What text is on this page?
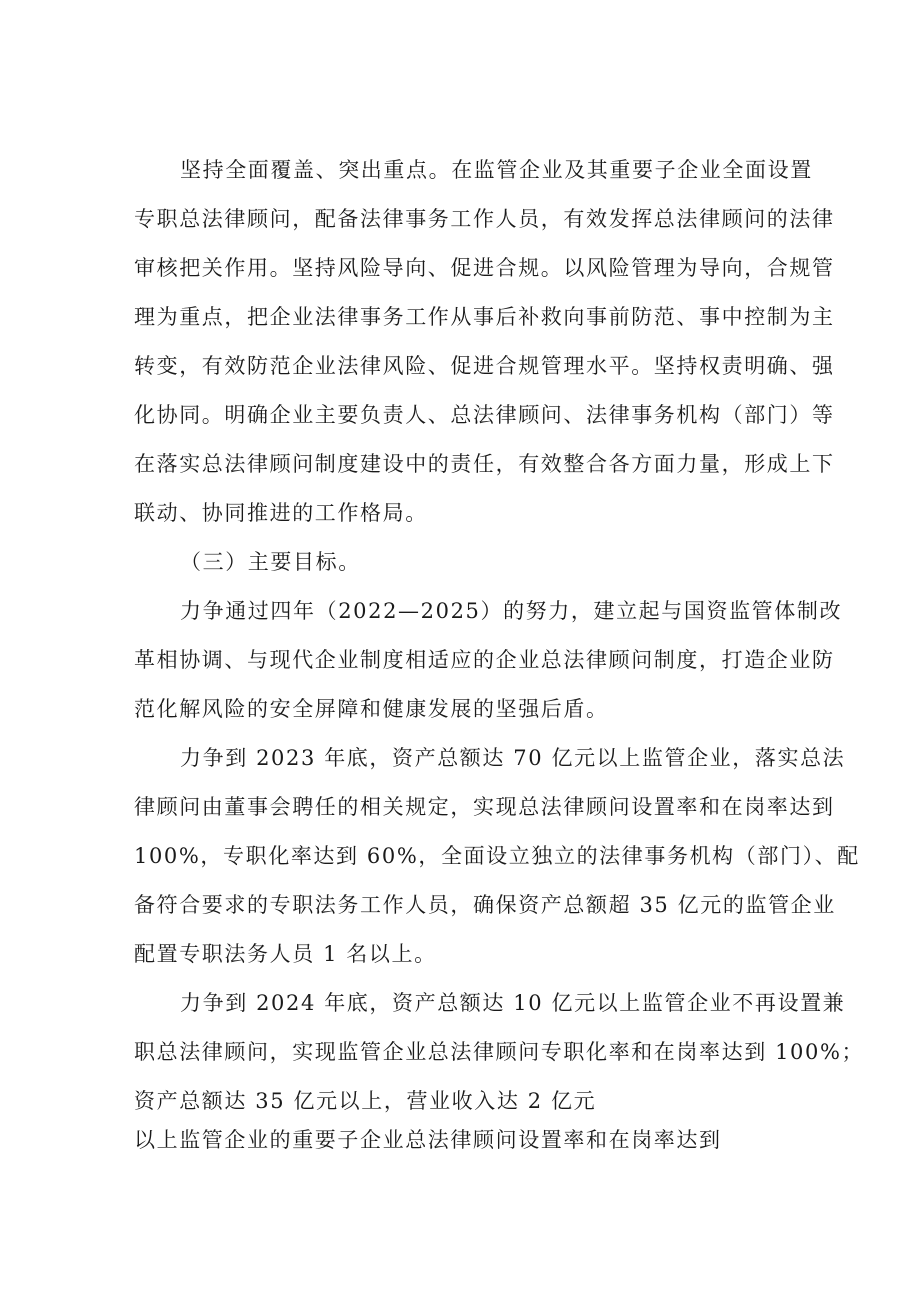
坚持全面覆盖、突出重点。在监管企业及其重要子企业全面设置
专职总法律顾问，配备法律事务工作人员，有效发挥总法律顾问的法律
审核把关作用。坚持风险导向、促进合规。以风险管理为导向，合规管
理为重点，把企业法律事务工作从事后补救向事前防范、事中控制为主
转变，有效防范企业法律风险、促进合规管理水平。坚持权责明确、强
化协同。明确企业主要负责人、总法律顾问、法律事务机构（部门）等
在落实总法律顾问制度建设中的责任，有效整合各方面力量，形成上下
联动、协同推进的工作格局。
（三）主要目标。
力争通过四年（2022—2025）的努力，建立起与国资监管体制改
革相协调、与现代企业制度相适应的企业总法律顾问制度，打造企业防
范化解风险的安全屏障和健康发展的坚强后盾。
力争到 2023 年底，资产总额达 70 亿元以上监管企业，落实总法
律顾问由董事会聘任的相关规定，实现总法律顾问设置率和在岗率达到
100%，专职化率达到 60%，全面设立独立的法律事务机构（部门）、配
备符合要求的专职法务工作人员，确保资产总额超 35 亿元的监管企业
配置专职法务人员 1 名以上。
力争到 2024 年底，资产总额达 10 亿元以上监管企业不再设置兼
职总法律顾问，实现监管企业总法律顾问专职化率和在岗率达到 100%；
资产总额达 35 亿元以上，营业收入达 2 亿元
以上监管企业的重要子企业总法律顾问设置率和在岗率达到
